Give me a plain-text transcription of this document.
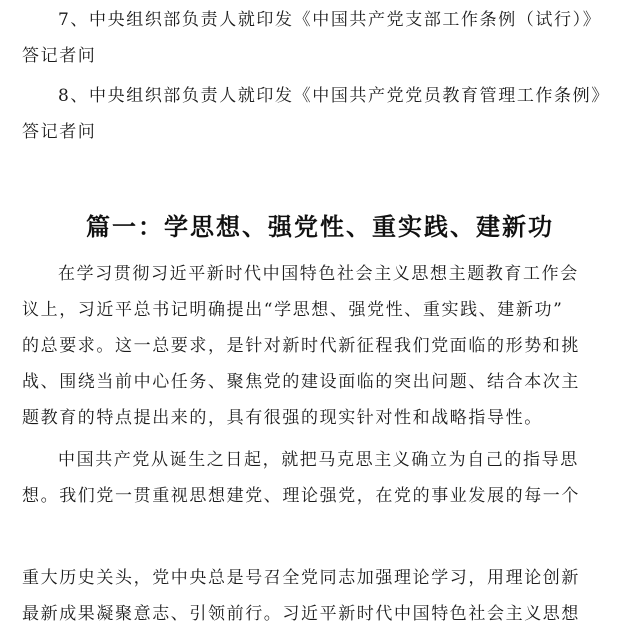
7、中央组织部负责人就印发《中国共产党支部工作条例（试行）》
答记者问
8、中央组织部负责人就印发《中国共产党党员教育管理工作条例》
答记者问
篇一：学思想、强党性、重实践、建新功
在学习贯彻习近平新时代中国特色社会主义思想主题教育工作会
议上，习近平总书记明确提出“学思想、强党性、重实践、建新功”
的总要求。这一总要求，是针对新时代新征程我们党面临的形势和挑
战、围绕当前中心任务、聚焦党的建设面临的突出问题、结合本次主
题教育的特点提出来的，具有很强的现实针对性和战略指导性。
中国共产党从诞生之日起，就把马克思主义确立为自己的指导思
想。我们党一贯重视思想建党、理论强党，在党的事业发展的每一个
重大历史关头，党中央总是号召全党同志加强理论学习，用理论创新
最新成果凝聚意志、引领前行。习近平新时代中国特色社会主义思想
